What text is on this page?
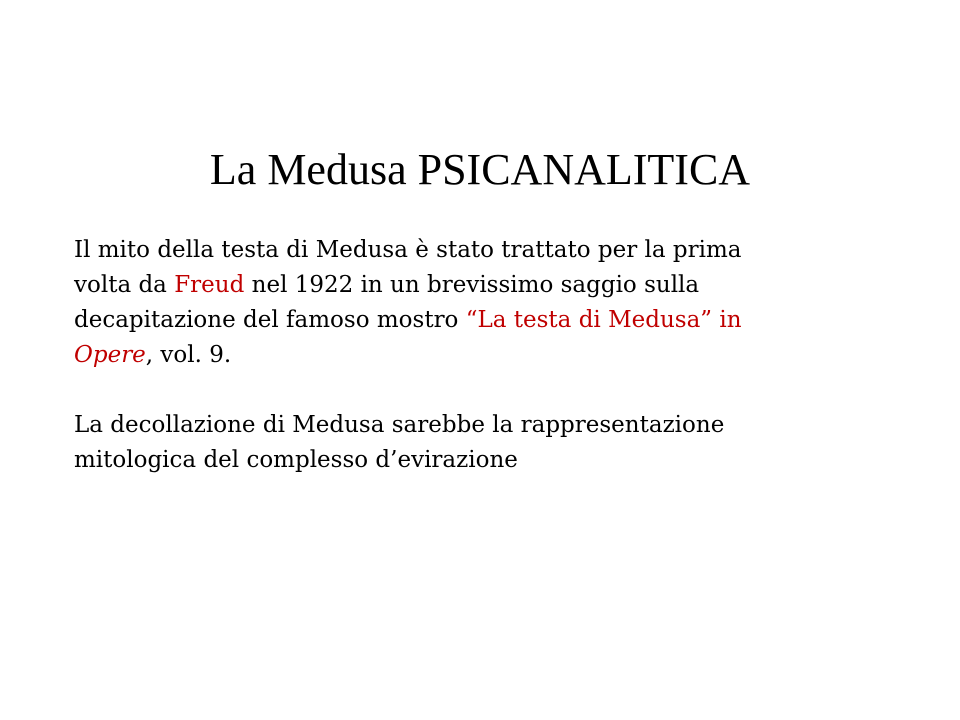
La Medusa PSICANALITICA

Il mito della testa di Medusa è stato trattato per la prima
volta da Freud nel 1922 in un brevissimo saggio sulla
decapitazione del famoso mostro “La testa di Medusa” in
Opere, vol. 9.

La decollazione di Medusa sarebbe la rappresentazione
mitologica del complesso d’evirazione
